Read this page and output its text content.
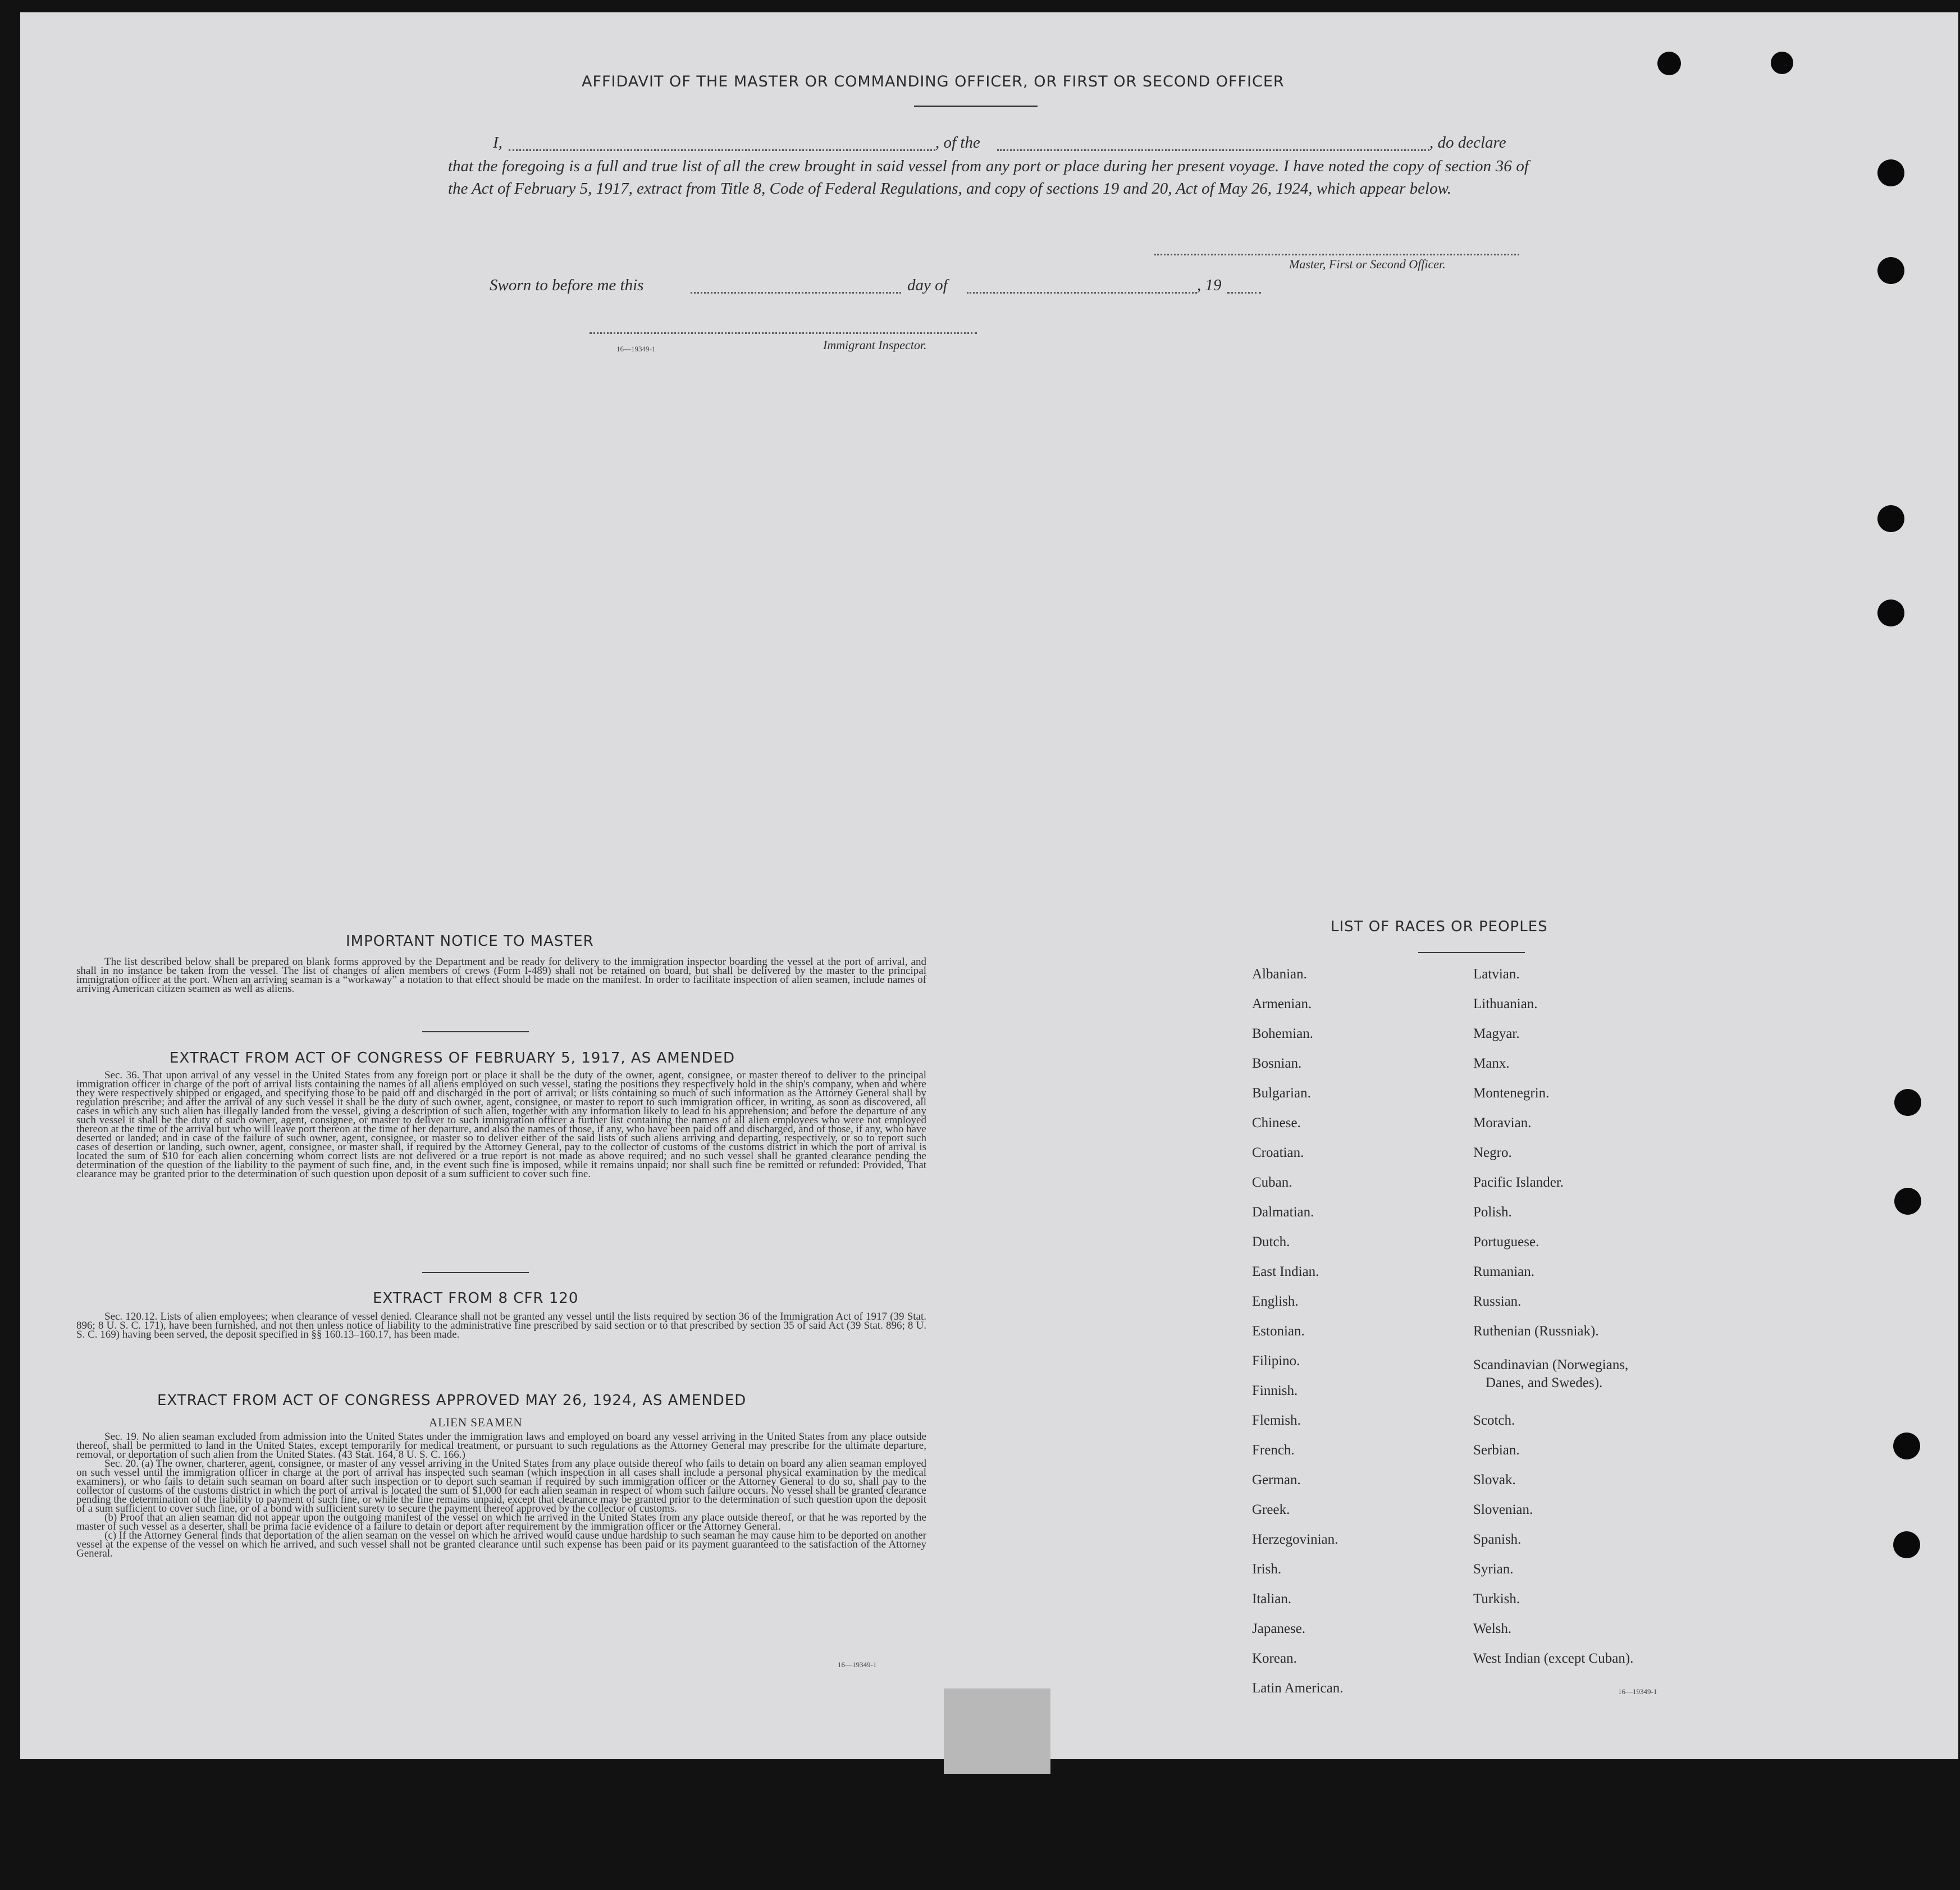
AFFIDAVIT OF THE MASTER OR COMMANDING OFFICER, OR FIRST OR SECOND OFFICER
I,	, of the	, do declare
that the foregoing is a full and true list of all the crew brought in said vessel from any port or place during her present voyage. I have noted the copy of section 36 of the Act of February 5, 1917, extract from Title 8, Code of Federal Regulations, and copy of sections 19 and 20, Act of May 26, 1924, which appear below.
Master, First or Second Officer.
Sworn to before me this	day of	, 19
16—19349-1	Immigrant Inspector.
IMPORTANT NOTICE TO MASTER

The list described below shall be prepared on blank forms approved by the Department and be ready for delivery to the immigration inspector boarding the vessel at the port of arrival, and shall in no instance be taken from the vessel. The list of changes of alien members of crews (Form I-489) shall not be retained on board, but shall be delivered by the master to the principal immigration officer at the port. When an arriving seaman is a “workaway” a notation to that effect should be made on the manifest. In order to facilitate inspection of alien seamen, include names of arriving American citizen seamen as well as aliens.

EXTRACT FROM ACT OF CONGRESS OF FEBRUARY 5, 1917, AS AMENDED

Sec. 36. That upon arrival of any vessel in the United States from any foreign port or place it shall be the duty of the owner, agent, consignee, or master thereof to deliver to the principal immigration officer in charge of the port of arrival lists containing the names of all aliens employed on such vessel, stating the positions they respectively hold in the ship's company, when and where they were respectively shipped or engaged, and specifying those to be paid off and discharged in the port of arrival; or lists containing so much of such information as the Attorney General shall by regulation prescribe; and after the arrival of any such vessel it shall be the duty of such owner, agent, consignee, or master to report to such immigration officer, in writing, as soon as discovered, all cases in which any such alien has illegally landed from the vessel, giving a description of such alien, together with any information likely to lead to his apprehension; and before the departure of any such vessel it shall be the duty of such owner, agent, consignee, or master to deliver to such immigration officer a further list containing the names of all alien employees who were not employed thereon at the time of the arrival but who will leave port thereon at the time of her departure, and also the names of those, if any, who have been paid off and discharged, and of those, if any, who have deserted or landed; and in case of the failure of such owner, agent, consignee, or master so to deliver either of the said lists of such aliens arriving and departing, respectively, or so to report such cases of desertion or landing, such owner, agent, consignee, or master shall, if required by the Attorney General, pay to the collector of customs of the customs district in which the port of arrival is located the sum of $10 for each alien concerning whom correct lists are not delivered or a true report is not made as above required; and no such vessel shall be granted clearance pending the determination of the question of the liability to the payment of such fine, and, in the event such fine is imposed, while it remains unpaid; nor shall such fine be remitted or refunded: Provided, That clearance may be granted prior to the determination of such question upon deposit of a sum sufficient to cover such fine.

EXTRACT FROM 8 CFR 120

Sec. 120.12. Lists of alien employees; when clearance of vessel denied. Clearance shall not be granted any vessel until the lists required by section 36 of the Immigration Act of 1917 (39 Stat. 896; 8 U. S. C. 171), have been furnished, and not then unless notice of liability to the administrative fine prescribed by said section or to that prescribed by section 35 of said Act (39 Stat. 896; 8 U. S. C. 169) having been served, the deposit specified in §§ 160.13–160.17, has been made.

EXTRACT FROM ACT OF CONGRESS APPROVED MAY 26, 1924, AS AMENDED
ALIEN SEAMEN

Sec. 19. No alien seaman excluded from admission into the United States under the immigration laws and employed on board any vessel arriving in the United States from any place outside thereof, shall be permitted to land in the United States, except temporarily for medical treatment, or pursuant to such regulations as the Attorney General may prescribe for the ultimate departure, removal, or deportation of such alien from the United States. (43 Stat. 164, 8 U. S. C. 166.)

Sec. 20. (a) The owner, charterer, agent, consignee, or master of any vessel arriving in the United States from any place outside thereof who fails to detain on board any alien seaman employed on such vessel until the immigration officer in charge at the port of arrival has inspected such seaman (which inspection in all cases shall include a personal physical examination by the medical examiners), or who fails to detain such seaman on board after such inspection or to deport such seaman if required by such immigration officer or the Attorney General to do so, shall pay to the collector of customs of the customs district in which the port of arrival is located the sum of $1,000 for each alien seaman in respect of whom such failure occurs. No vessel shall be granted clearance pending the determination of the liability to payment of such fine, or while the fine remains unpaid, except that clearance may be granted prior to the determination of such question upon the deposit of a sum sufficient to cover such fine, or of a bond with sufficient surety to secure the payment thereof approved by the collector of customs.

(b) Proof that an alien seaman did not appear upon the outgoing manifest of the vessel on which he arrived in the United States from any place outside thereof, or that he was reported by the master of such vessel as a deserter, shall be prima facie evidence of a failure to detain or deport after requirement by the immigration officer or the Attorney General.

(c) If the Attorney General finds that deportation of the alien seaman on the vessel on which he arrived would cause undue hardship to such seaman he may cause him to be deported on another vessel at the expense of the vessel on which he arrived, and such vessel shall not be granted clearance until such expense has been paid or its payment guaranteed to the satisfaction of the Attorney General.

16—19349-1
LIST OF RACES OR PEOPLES
Albanian.
Armenian.
Bohemian.
Bosnian.
Bulgarian.
Chinese.
Croatian.
Cuban.
Dalmatian.
Dutch.
East Indian.
English.
Estonian.
Filipino.
Finnish.
Flemish.
French.
German.
Greek.
Herzegovinian.
Irish.
Italian.
Japanese.
Korean.
Latin American.
Latvian.
Lithuanian.
Magyar.
Manx.
Montenegrin.
Moravian.
Negro.
Pacific Islander.
Polish.
Portuguese.
Rumanian.
Russian.
Ruthenian (Russniak).
Scandinavian (Norwegians,
Danes, and Swedes).
Scotch.
Serbian.
Slovak.
Slovenian.
Spanish.
Syrian.
Turkish.
Welsh.
West Indian (except Cuban).
16—19349-1
